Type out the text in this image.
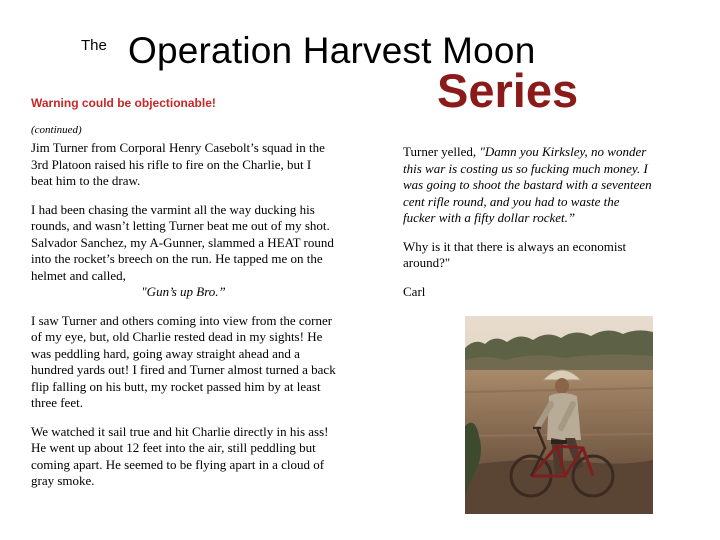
The Operation Harvest Moon
Series
Warning could be objectionable!
(continued)

Jim Turner from Corporal Henry Casebolt’s squad in the 3rd Platoon raised his rifle to fire on the Charlie, but I beat him to the draw.

I had been chasing the varmint all the way ducking his rounds, and wasn’t letting Turner beat me out of my shot. Salvador Sanchez, my A-Gunner, slammed a HEAT round into the rocket’s breech on the run. He tapped me on the helmet and called,
"Gun’s up Bro.”

I saw Turner and others coming into view from the corner of my eye, but, old Charlie rested dead in my sights! He was peddling hard, going away straight ahead and a hundred yards out! I fired and Turner almost turned a back flip falling on his butt, my rocket passed him by at least three feet.

We watched it sail true and hit Charlie directly in his ass! He went up about 12 feet into the air, still peddling but coming apart. He seemed to be flying apart in a cloud of gray smoke.

Turner yelled, "Damn you Kirksley, no wonder this war is costing us so fucking much money. I was going to shoot the bastard with a seventeen cent rifle round, and you had to waste the fucker with a fifty dollar rocket.”

Why is it that there is always an economist around?"

Carl
